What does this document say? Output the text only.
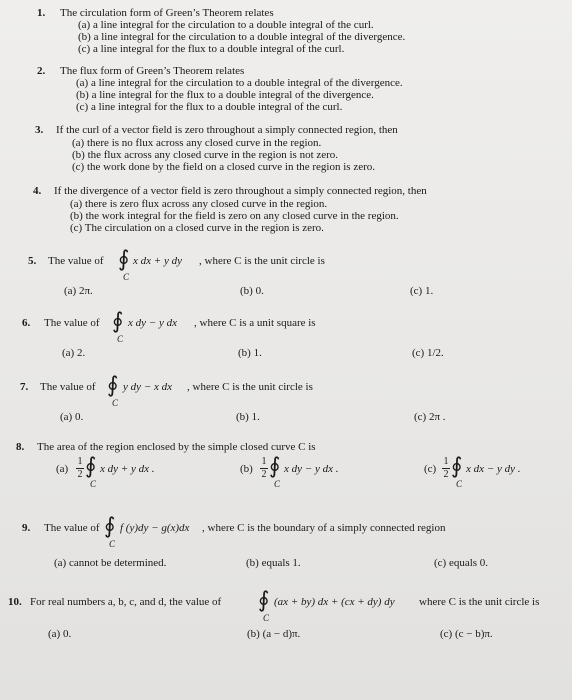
1. The circulation form of Green’s Theorem relates
(a) a line integral for the circulation to a double integral of the curl.
(b) a line integral for the circulation to a double integral of the divergence.
(c) a line integral for the flux to a double integral of the curl.
2. The flux form of Green’s Theorem relates
(a) a line integral for the circulation to a double integral of the divergence.
(b) a line integral for the flux to a double integral of the divergence.
(c) a line integral for the flux to a double integral of the curl.
3. If the curl of a vector field is zero throughout a simply connected region, then
(a) there is no flux across any closed curve in the region.
(b) the flux across any closed curve in the region is not zero.
(c) the work done by the field on a closed curve in the region is zero.
4. If the divergence of a vector field is zero throughout a simply connected region, then
(a) there is zero flux across any closed curve in the region.
(b) the work integral for the field is zero on any closed curve in the region.
(c) The circulation on a closed curve in the region is zero.
5. The value of ∮
C
x dx + y dy , where C is the unit circle is
(a) 2π.	(b) 0.	(c) 1.
6. The value of ∮
C
x dy − y dx , where C is a unit square is
(a) 2.	(b) 1.	(c) 1/2.
7. The value of ∮
C
y dy − x dx , where C is the unit circle is
(a) 0.	(b) 1.	(c) 2π .
8. The area of the region enclosed by the simple closed curve C is
(a)
1
2 ∮
C
x dy + y dx .	(b)
1
2 ∮
C
x dy − y dx .	(c)
1
2 ∮
C
x dx − y dy .
9. The value of ∮
C
f (y)dy − g(x)dx , where C is the boundary of a simply connected region
(a) cannot be determined.	(b) equals 1.	(c) equals 0.
10. For real numbers a, b, c, and d, the value of ∮
C
(ax + by) dx + (cx + dy) dy where C is the unit circle is
(a) 0.	(b) (a − d)π.	(c) (c − b)π.
